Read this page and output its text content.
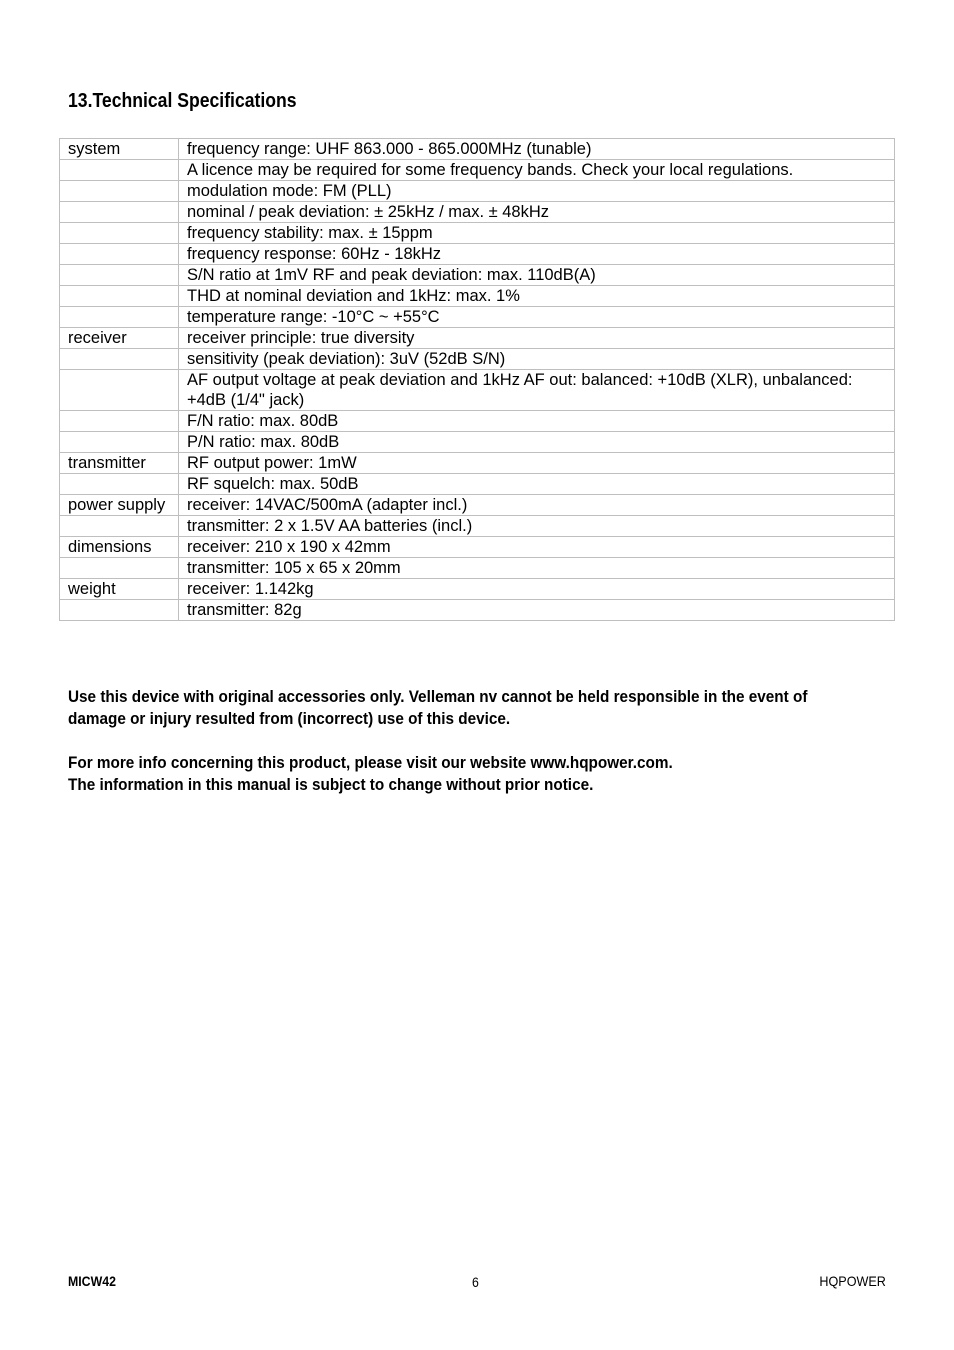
13.Technical Specifications
system	frequency range: UHF 863.000 - 865.000MHz (tunable)
	A licence may be required for some frequency bands. Check your local regulations.
	modulation mode: FM (PLL)
	nominal / peak deviation: ± 25kHz / max. ± 48kHz
	frequency stability: max. ± 15ppm
	frequency response: 60Hz - 18kHz
	S/N ratio at 1mV RF and peak deviation: max. 110dB(A)
	THD at nominal deviation and 1kHz: max. 1%
	temperature range: -10°C ~ +55°C
receiver	receiver principle: true diversity
	sensitivity (peak deviation): 3uV (52dB S/N)
	AF output voltage at peak deviation and 1kHz AF out: balanced: +10dB (XLR), unbalanced: +4dB (1/4" jack)
	F/N ratio: max. 80dB
	P/N ratio: max. 80dB
transmitter	RF output power: 1mW
	RF squelch: max. 50dB
power supply	receiver: 14VAC/500mA (adapter incl.)
	transmitter: 2 x 1.5V AA batteries (incl.)
dimensions	receiver: 210 x 190 x 42mm
	transmitter: 105 x 65 x 20mm
weight	receiver: 1.142kg
	transmitter: 82g

Use this device with original accessories only. Velleman nv cannot be held responsible in the event of damage or injury resulted from (incorrect) use of this device.

For more info concerning this product, please visit our website www.hqpower.com.
The information in this manual is subject to change without prior notice.

MICW42	6	HQPOWER
